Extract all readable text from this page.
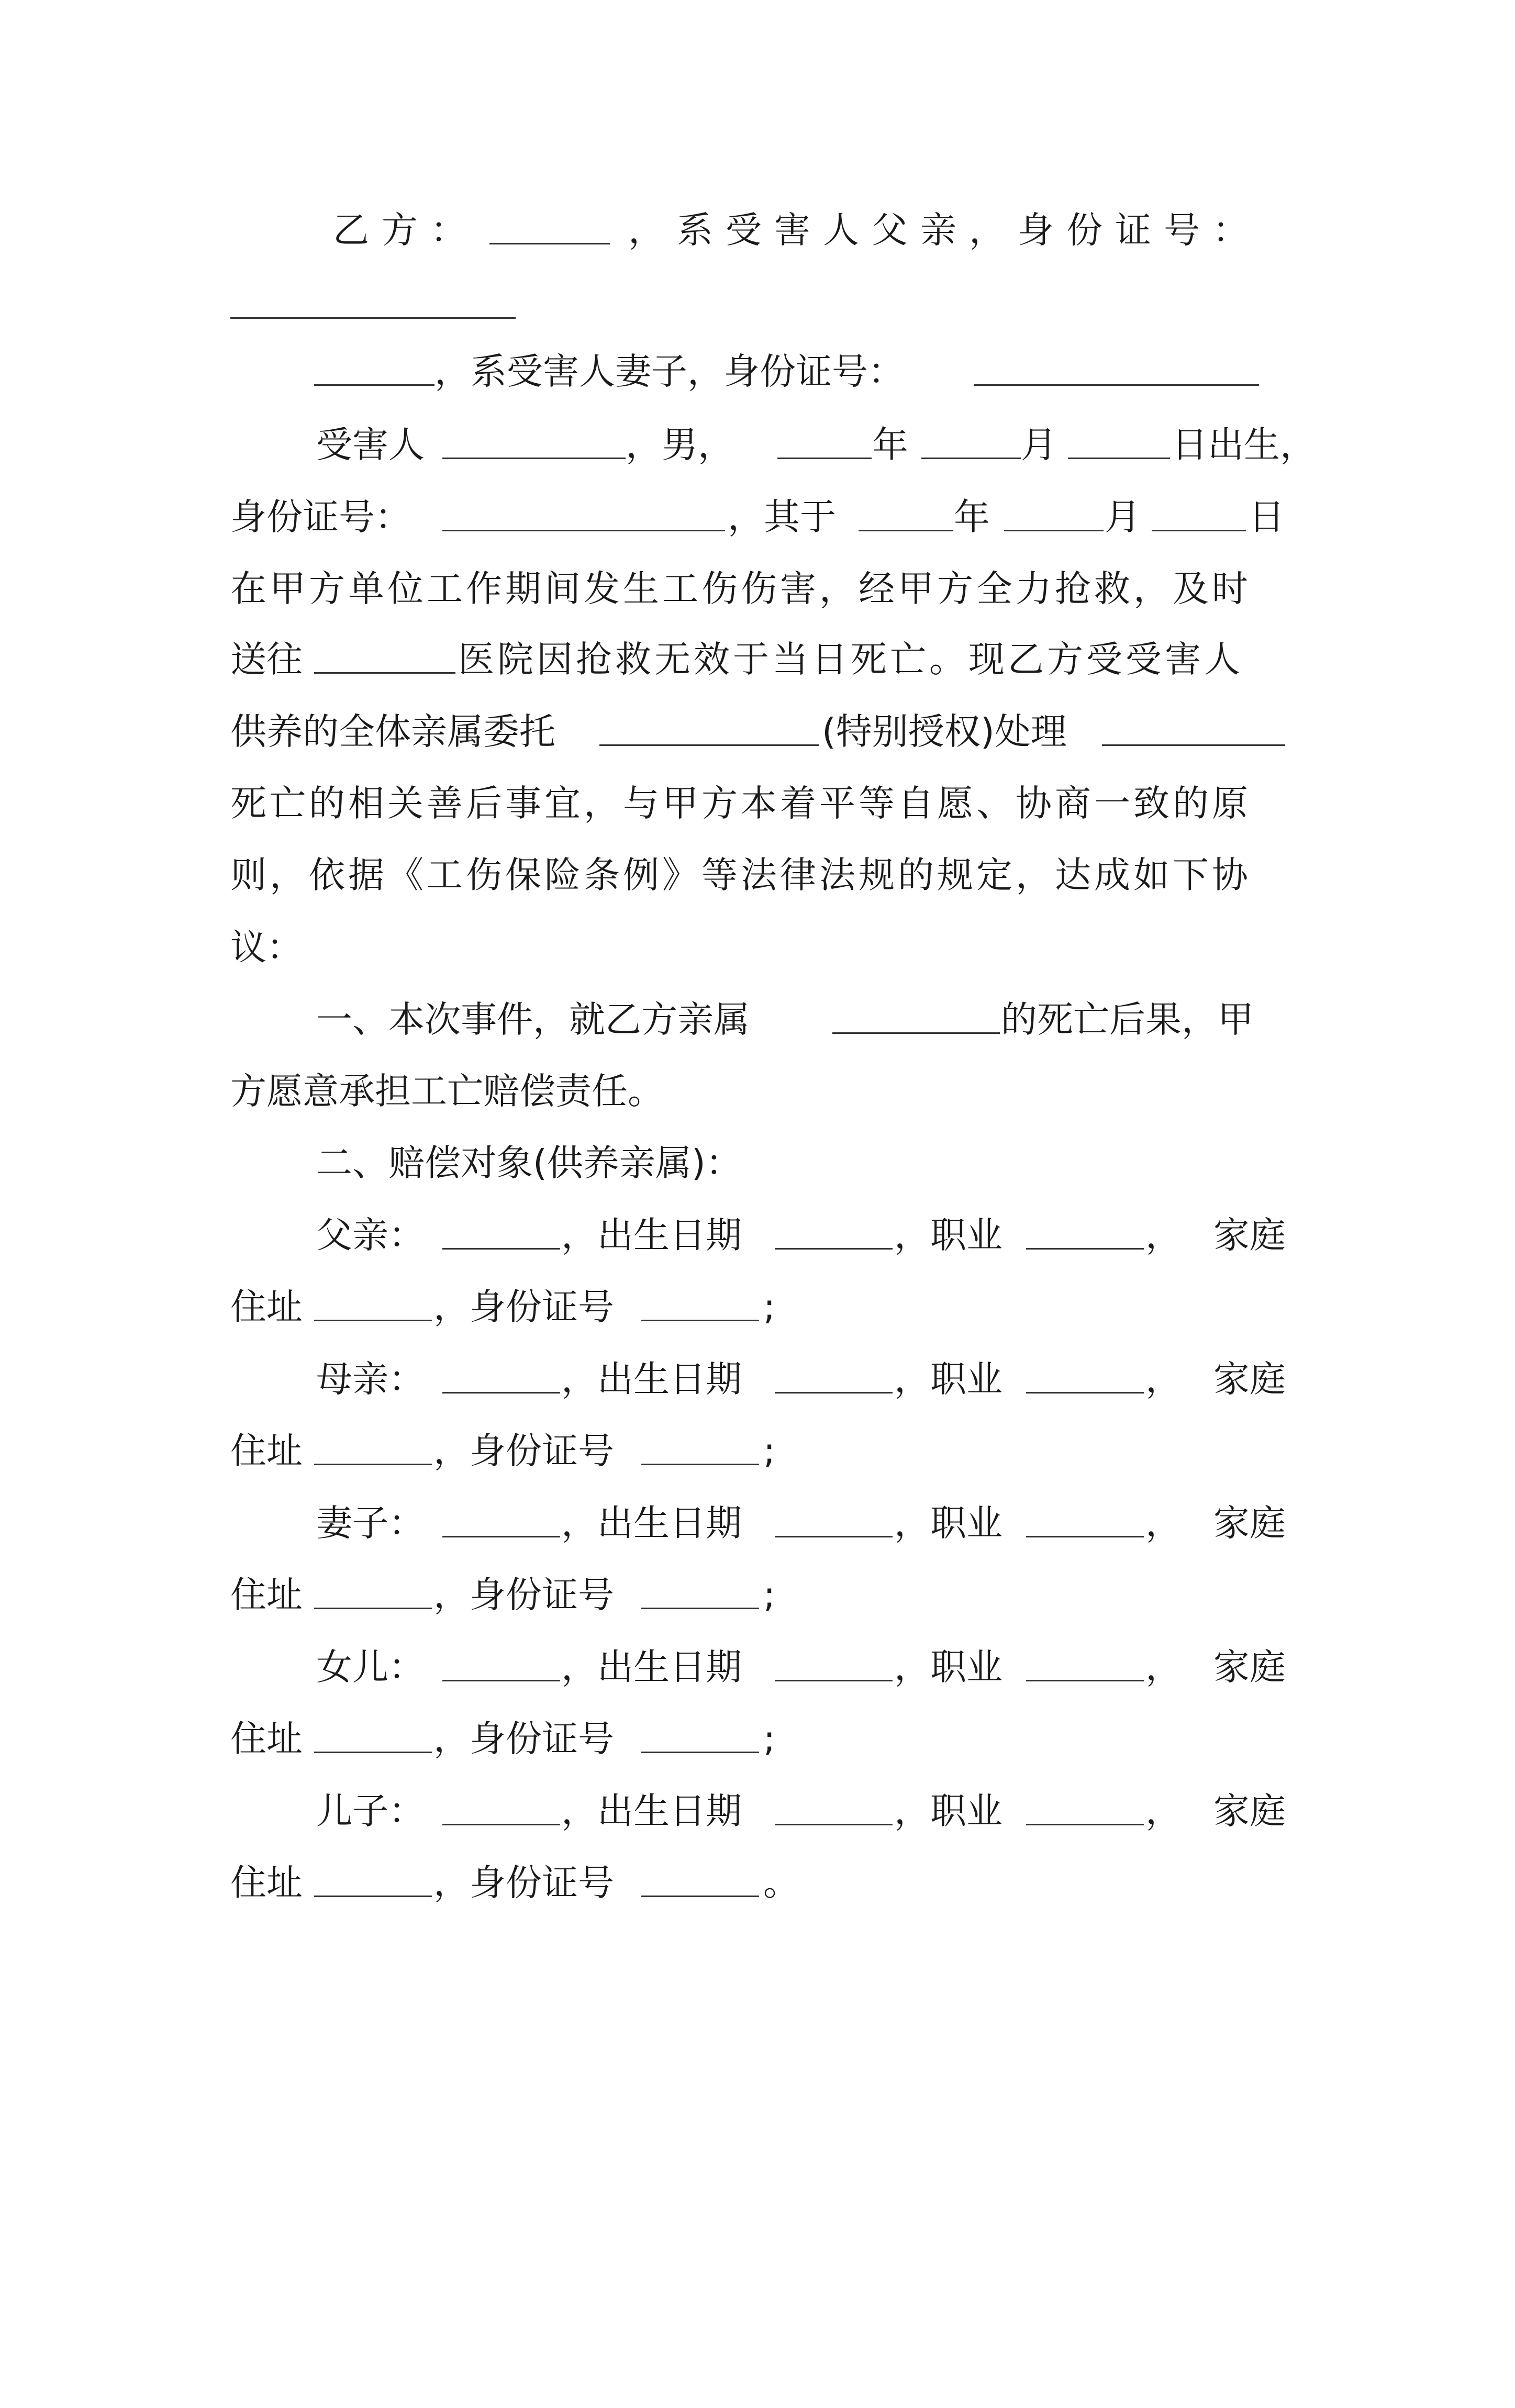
乙方：

	，系受害人父亲，身份证号：

，系受害人妻子，身份证号：

受害人

	，男，

	年

	月

	日出生，

身份证号：

	，其于

	年

	月

	日

在甲方单位工作期间发生工伤伤害，经甲方全力抢救，及时

送往

	医院因抢救无效于当日死亡。现乙方受受害人

供养的全体亲属委托

	(特别授权)处理

死亡的相关善后事宜，与甲方本着平等自愿、协商一致的原

则，依据《工伤保险条例》等法律法规的规定，达成如下协

议：

一、本次事件，就乙方亲属

	的死亡后果，甲

方愿意承担工亡赔偿责任。

二、赔偿对象(供养亲属)：

父亲：

	，出生日期

	，职业

	，

家庭

住址

	，身份证号

	;

母亲：

	，出生日期

	，职业

	，

家庭

住址

	，身份证号

	;

妻子：

	，出生日期

	，职业

	，

家庭

住址

	，身份证号

	;

女儿：

	，出生日期

	，职业

	，

家庭

住址

	，身份证号

	;

儿子：

	，出生日期

	，职业

	，

家庭

住址

	，身份证号

	。
